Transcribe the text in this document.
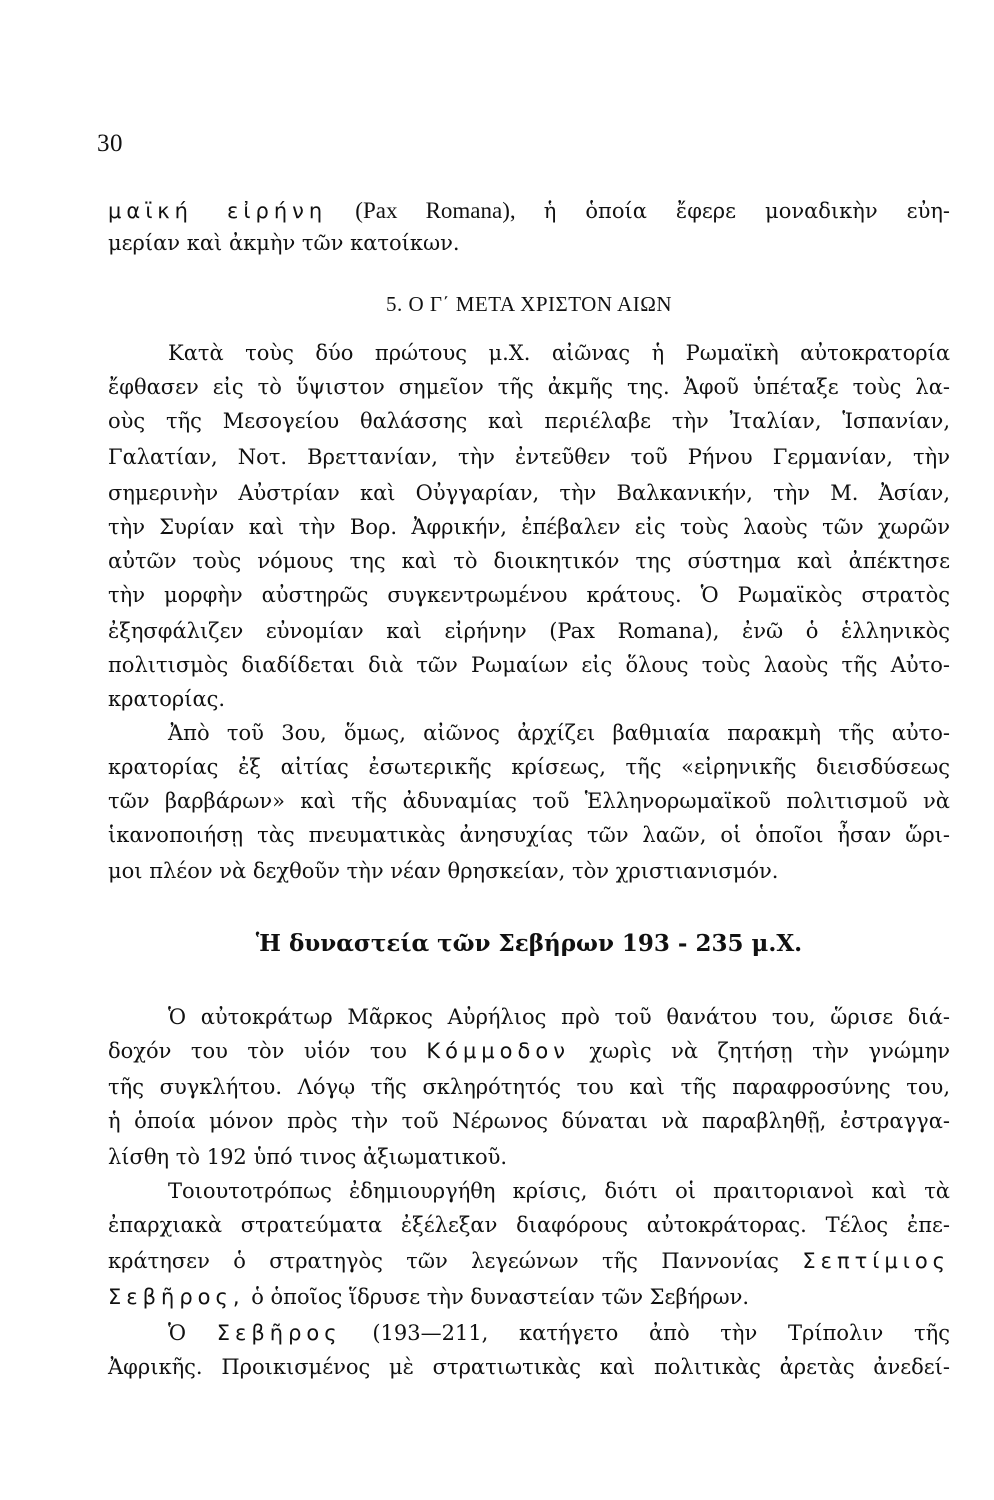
30
μαϊκή εἰρήνη (Pax Romana), ἡ ὁποία ἔφερε μοναδικὴν εὐη-
μερίαν καὶ ἀκμὴν τῶν κατοίκων.
5. Ο Γ΄ ΜΕΤΑ ΧΡΙΣΤΟΝ ΑΙΩΝ
Κατὰ τοὺς δύο πρώτους μ.Χ. αἰῶνας ἡ Ρωμαϊκὴ αὐτοκρατορία
ἔφθασεν εἰς τὸ ὕψιστον σημεῖον τῆς ἀκμῆς της. Ἀφοῦ ὑπέταξε τοὺς λα-
οὺς τῆς Μεσογείου θαλάσσης καὶ περιέλαβε τὴν Ἰταλίαν, Ἱσπανίαν,
Γαλατίαν, Νοτ. Βρεττανίαν, τὴν ἐντεῦθεν τοῦ Ρήνου Γερμανίαν, τὴν
σημερινὴν Αὐστρίαν καὶ Οὐγγαρίαν, τὴν Βαλκανικήν, τὴν Μ. Ἀσίαν,
τὴν Συρίαν καὶ τὴν Βορ. Ἀφρικήν, ἐπέβαλεν εἰς τοὺς λαοὺς τῶν χωρῶν
αὐτῶν τοὺς νόμους της καὶ τὸ διοικητικόν της σύστημα καὶ ἀπέκτησε
τὴν μορφὴν αὐστηρῶς συγκεντρωμένου κράτους. Ὁ Ρωμαϊκὸς στρατὸς
ἐξησφάλιζεν εὐνομίαν καὶ εἰρήνην (Pax Romana), ἐνῶ ὁ ἑλληνικὸς
πολιτισμὸς διαδίδεται διὰ τῶν Ρωμαίων εἰς ὅλους τοὺς λαοὺς τῆς Αὐτο-
κρατορίας.
Ἀπὸ τοῦ 3ου, ὅμως, αἰῶνος ἀρχίζει βαθμιαία παρακμὴ τῆς αὐτο-
κρατορίας ἐξ αἰτίας ἐσωτερικῆς κρίσεως, τῆς «εἰρηνικῆς διεισδύσεως
τῶν βαρβάρων» καὶ τῆς ἀδυναμίας τοῦ Ἑλληνορωμαϊκοῦ πολιτισμοῦ νὰ
ἱκανοποιήσῃ τὰς πνευματικὰς ἀνησυχίας τῶν λαῶν, οἱ ὁποῖοι ἦσαν ὥρι-
μοι πλέον νὰ δεχθοῦν τὴν νέαν θρησκείαν, τὸν χριστιανισμόν.
Ἡ δυναστεία τῶν Σεβήρων 193 - 235 μ.Χ.
Ὁ αὐτοκράτωρ Μᾶρκος Αὐρήλιος πρὸ τοῦ θανάτου του, ὥρισε διά-
δοχόν του τὸν υἱόν του Κόμμοδον χωρὶς νὰ ζητήσῃ τὴν γνώμην
τῆς συγκλήτου. Λόγῳ τῆς σκληρότητός του καὶ τῆς παραφροσύνης του,
ἡ ὁποία μόνον πρὸς τὴν τοῦ Νέρωνος δύναται νὰ παραβληθῇ, ἐστραγγα-
λίσθη τὸ 192 ὑπό τινος ἀξιωματικοῦ.
Τοιουτοτρόπως ἐδημιουργήθη κρίσις, διότι οἱ πραιτοριανοὶ καὶ τὰ
ἐπαρχιακὰ στρατεύματα ἐξέλεξαν διαφόρους αὐτοκράτορας. Τέλος ἐπε-
κράτησεν ὁ στρατηγὸς τῶν λεγεώνων τῆς Παννονίας Σεπτίμιος
Σεβῆρος, ὁ ὁποῖος ἵδρυσε τὴν δυναστείαν τῶν Σεβήρων.
Ὁ Σεβῆρος (193—211, κατήγετο ἀπὸ τὴν Τρίπολιν τῆς
Ἀφρικῆς. Προικισμένος μὲ στρατιωτικὰς καὶ πολιτικὰς ἀρετὰς ἀνεδεί-
